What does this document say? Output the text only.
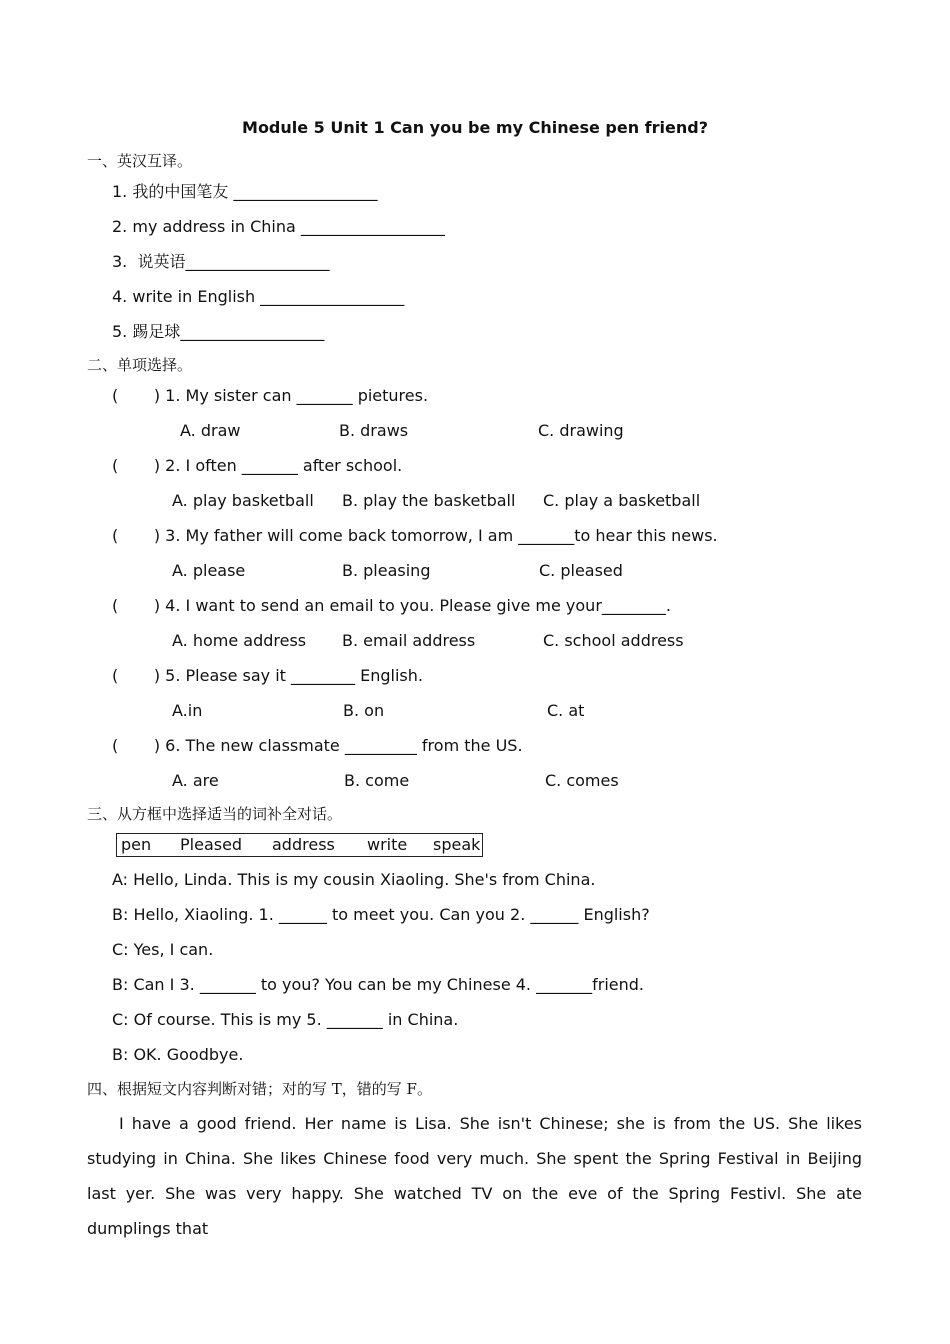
Module 5 Unit 1 Can you be my Chinese pen friend?
一、英汉互译。
1. 我的中国笔友 __________________
2. my address in China __________________
3.  说英语__________________
4. write in English __________________
5. 踢足球__________________
二、单项选择。
(       ) 1. My sister can _______ pietures.
A. draw	B. draws	C. drawing
(       ) 2. I often _______ after school.
A. play basketball B. play the basketball C. play a basketball
(       ) 3. My father will come back tomorrow, I am _______to hear this news.
A. please	B. pleasing	C. pleased
(       ) 4. I want to send an email to you. Please give me your________.
A. home address B. email address	C. school address
(       ) 5. Please say it ________ English.
A.in	B. on	C. at
(       ) 6. The new classmate _________ from the US.
A. are	B. come	C. comes
三、从方框中选择适当的词补全对话。
pen Pleased address write speak
A: Hello, Linda. This is my cousin Xiaoling. She's from China.
B: Hello, Xiaoling. 1. ______ to meet you. Can you 2. ______ English?
C: Yes, I can.
B: Can I 3. _______ to you? You can be my Chinese 4. _______friend.
C: Of course. This is my 5. _______ in China.
B: OK. Goodbye.
四、根据短文内容判断对错；对的写 T，错的写 F。
I have a good friend. Her name is Lisa. She isn't Chinese; she is from the US. She likes studying in China. She likes Chinese food very much. She spent the Spring Festival in Beijing last yer. She was very happy. She watched TV on the eve of the Spring Festivl. She ate dumplings that
